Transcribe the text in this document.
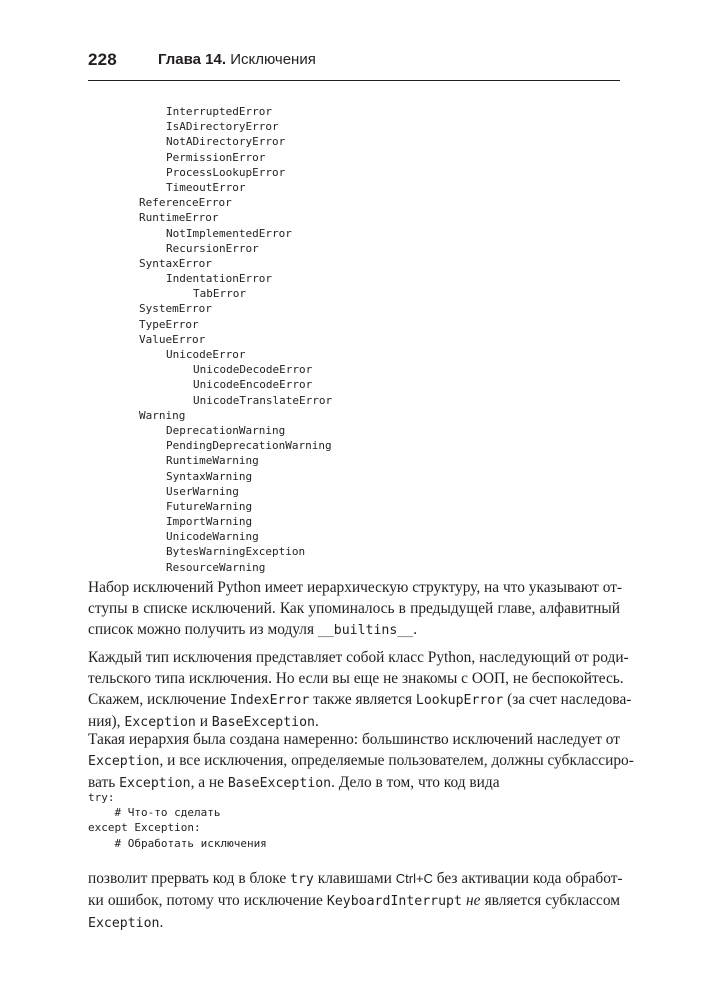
228	Глава 14. Исключения
InterruptedError
IsADirectoryError
NotADirectoryError
PermissionError
ProcessLookupError
TimeoutError
ReferenceError
RuntimeError
NotImplementedError
RecursionError
SyntaxError
IndentationError
TabError
SystemError
TypeError
ValueError
UnicodeError
UnicodeDecodeError
UnicodeEncodeError
UnicodeTranslateError
Warning
DeprecationWarning
PendingDeprecationWarning
RuntimeWarning
SyntaxWarning
UserWarning
FutureWarning
ImportWarning
UnicodeWarning
BytesWarningException
ResourceWarning

Набор исключений Python имеет иерархическую структуру, на что указывают от-
ступы в списке исключений. Как упоминалось в предыдущей главе, алфавитный
список можно получить из модуля __builtins__.

Каждый тип исключения представляет собой класс Python, наследующий от роди-
тельского типа исключения. Но если вы еще не знакомы с ООП, не беспокойтесь.
Скажем, исключение IndexError также является LookupError (за счет наследова-
ния), Exception и BaseException.

Такая иерархия была создана намеренно: большинство исключений наследует от
Exception, и все исключения, определяемые пользователем, должны субклассиро-
вать Exception, а не BaseException. Дело в том, что код вида

try:
# Что-то сделать
except Exception:
# Обработать исключения

позволит прервать код в блоке try клавишами Ctrl+C без активации кода обработ-
ки ошибок, потому что исключение KeyboardInterrupt не является субклассом
Exception.
